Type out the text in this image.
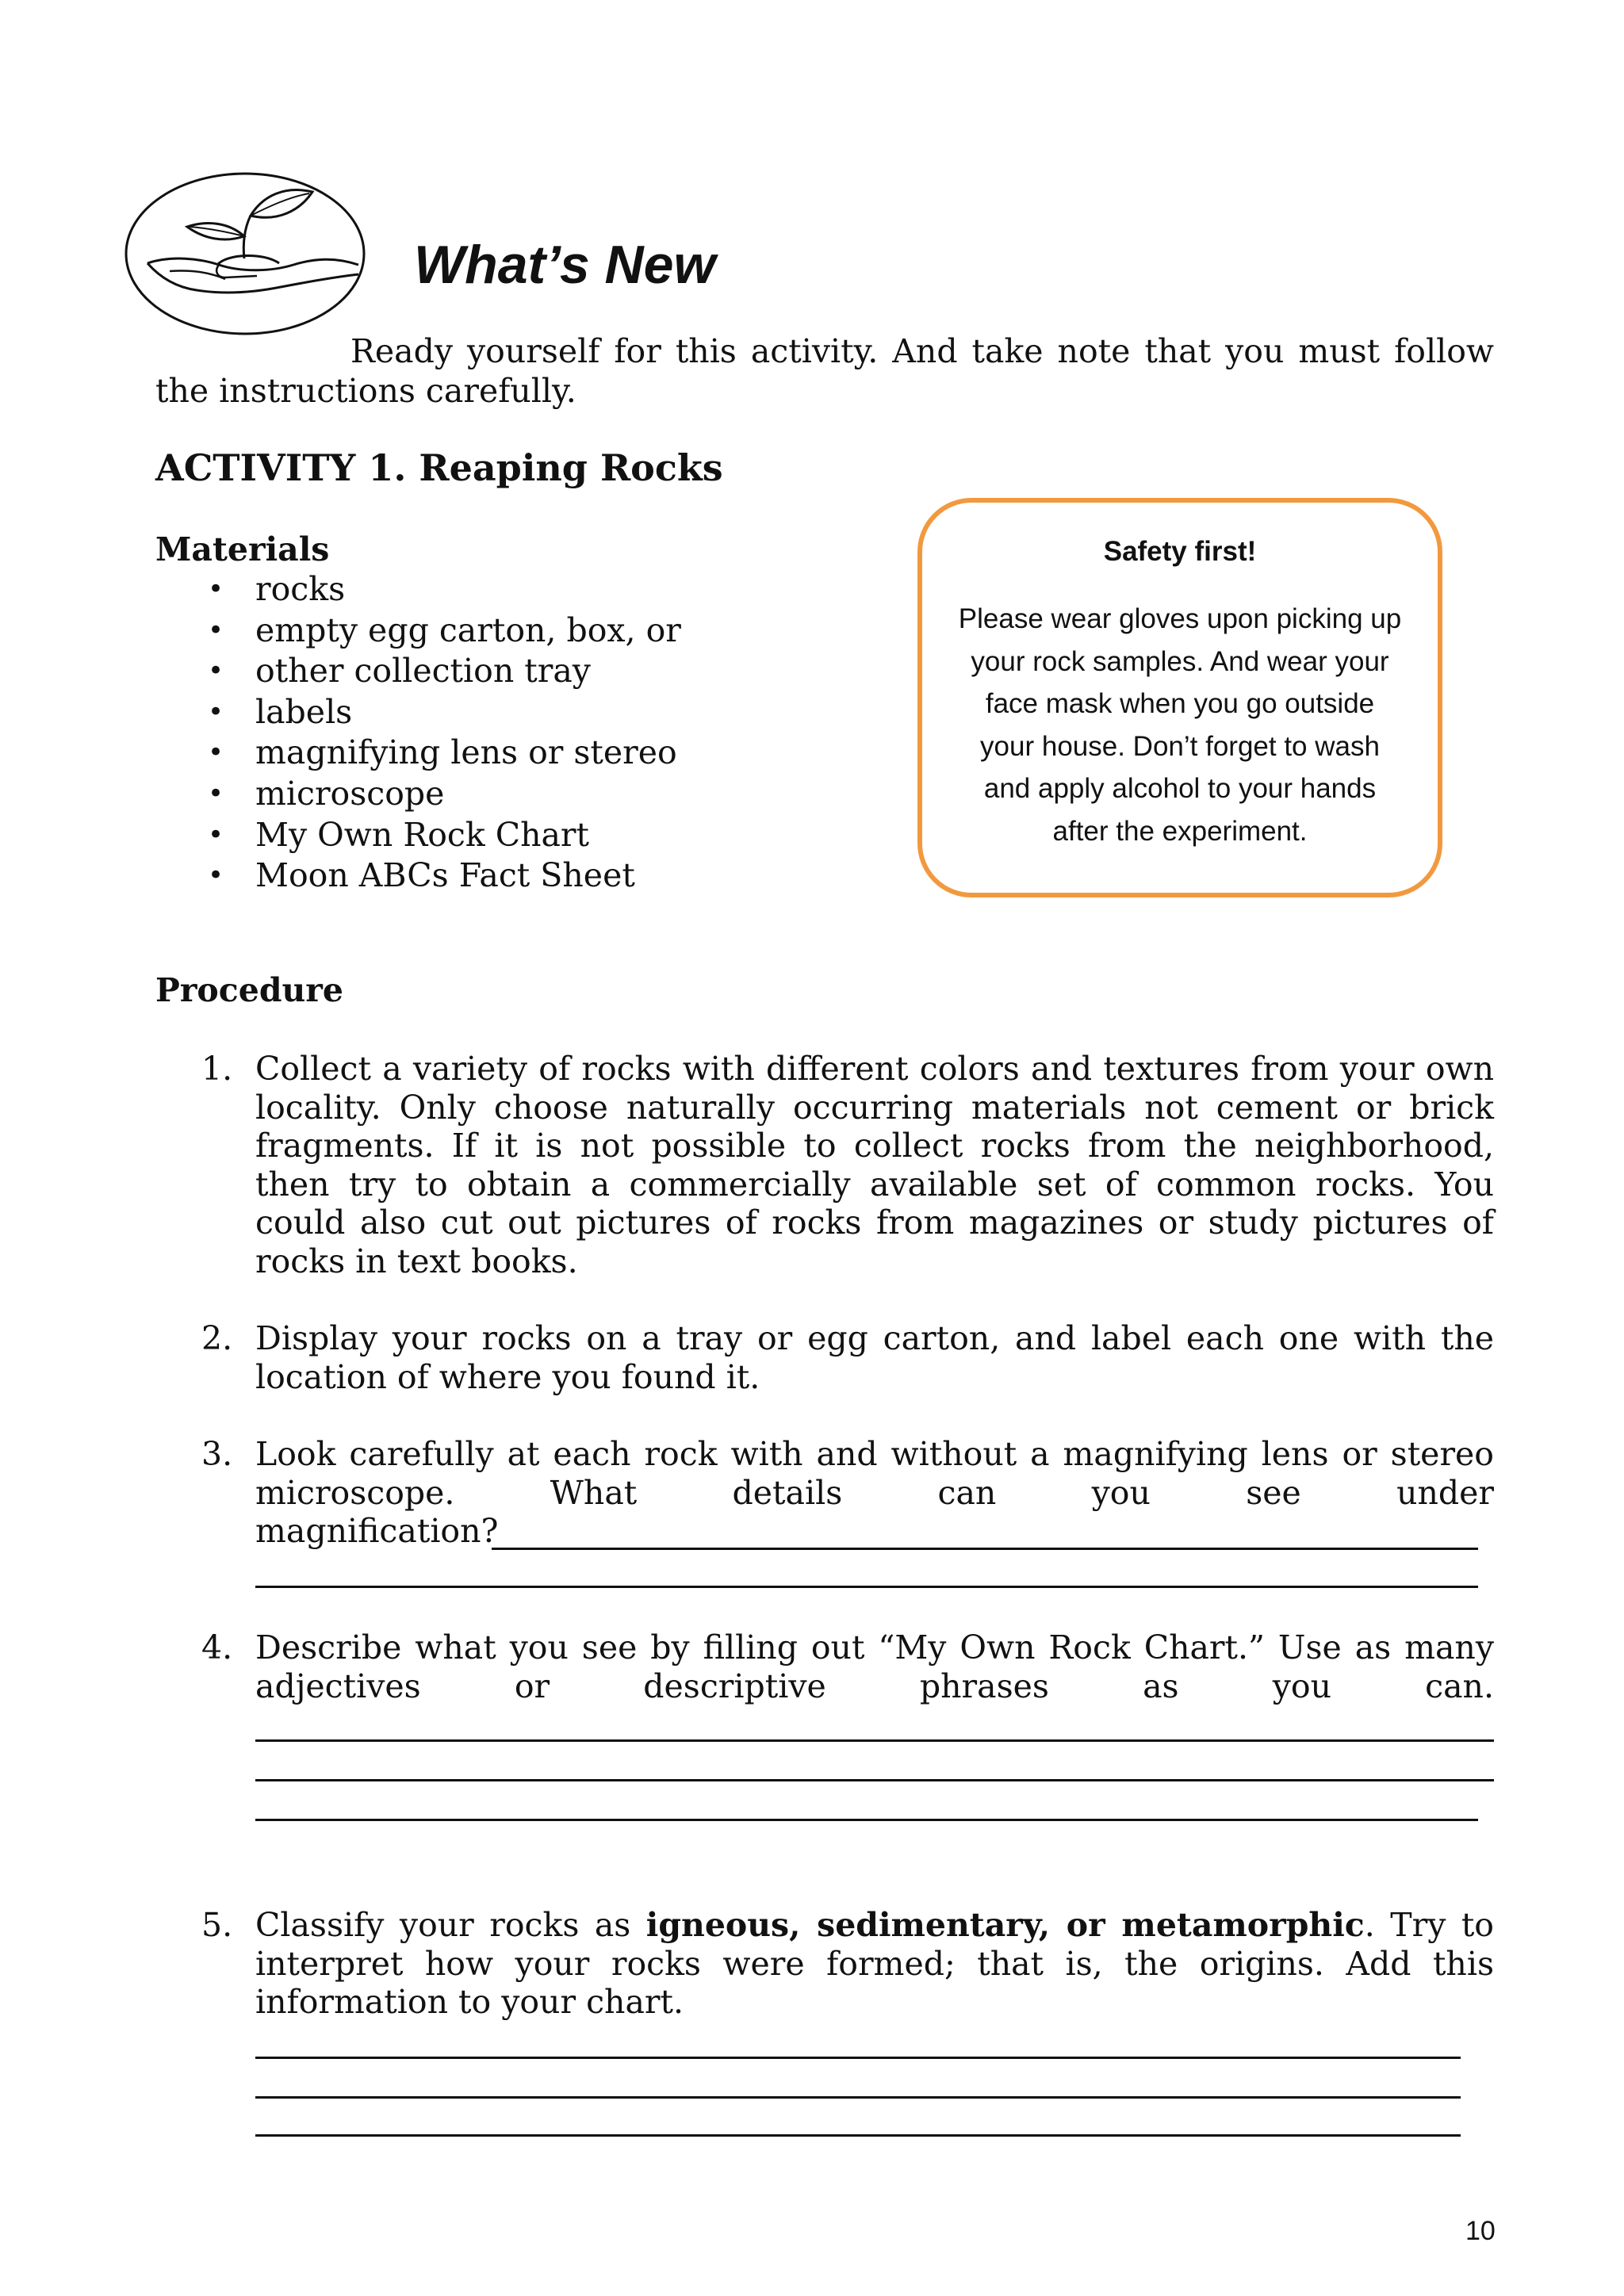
What’s New

Ready yourself for this activity. And take note that you must follow the instructions carefully.

ACTIVITY 1. Reaping Rocks
Materials
• rocks
• empty egg carton, box, or
• other collection tray
• labels
• magnifying lens or stereo
• microscope
• My Own Rock Chart
• Moon ABCs Fact Sheet

Safety first!

Please wear gloves upon picking up
your rock samples. And wear your
face mask when you go outside
your house. Don’t forget to wash
and apply alcohol to your hands
after the experiment.
Procedure
1. Collect a variety of rocks with different colors and textures from your own locality. Only choose naturally occurring materials not cement or brick fragments. If it is not possible to collect rocks from the neighborhood, then try to obtain a commercially available set of common rocks. You could also cut out pictures of rocks from magazines or study pictures of rocks in text books.
2. Display your rocks on a tray or egg carton, and label each one with the location of where you found it.
3. Look carefully at each rock with and without a magnifying lens or stereo
microscope. What details can you see under
magnification?
4. Describe what you see by filling out “My Own Rock Chart.” Use as many
adjectives or descriptive phrases as you can.
5. Classify your rocks as igneous, sedimentary, or metamorphic. Try to interpret how your rocks were formed; that is, the origins. Add this information to your chart.

10
